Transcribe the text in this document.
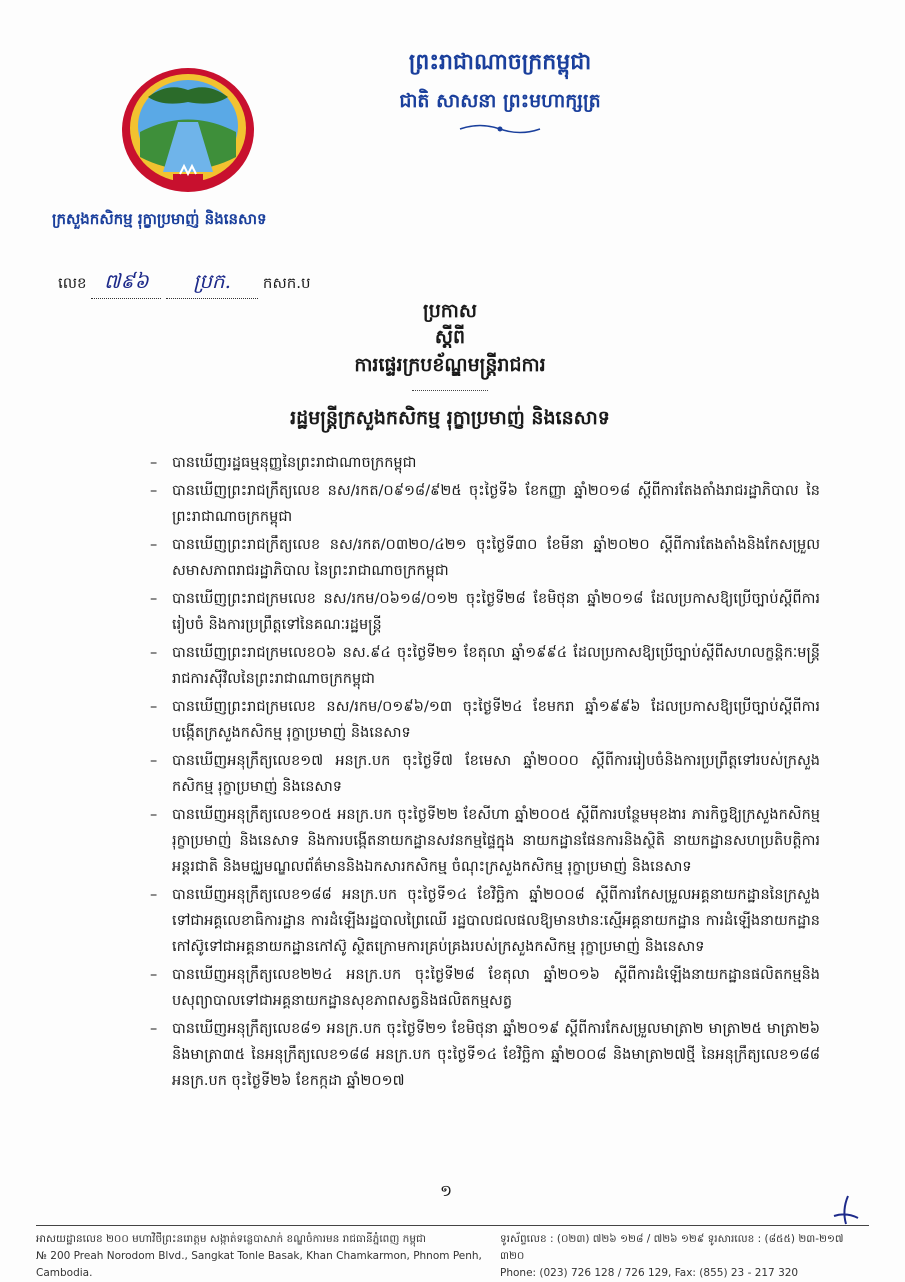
ព្រះរាជាណាចក្រកម្ពុជា
ជាតិ សាសនា ព្រះមហាក្សត្រ
ក្រសួងកសិកម្ម រុក្ខាប្រមាញ់ និងនេសាទ
លេខ ៧៩៦ ប្រក. កសក.ប
ប្រកាស
ស្តីពី
ការផ្ទេរក្របខ័ណ្ឌមន្ត្រីរាជការ
រដ្ឋមន្ត្រីក្រសួងកសិកម្ម រុក្ខាប្រមាញ់ និងនេសាទ
– បានឃើញរដ្ឋធម្មនុញ្ញនៃព្រះរាជាណាចក្រកម្ពុជា
– បានឃើញព្រះរាជក្រឹត្យលេខ នស/រកត/០៩១៨/៩២៥ ចុះថ្ងៃទី៦ ខែកញ្ញា ឆ្នាំ២០១៨ ស្តីពីការតែងតាំងរាជរដ្ឋាភិបាល នៃព្រះរាជាណាចក្រកម្ពុជា
– បានឃើញព្រះរាជក្រឹត្យលេខ នស/រកត/០៣២០/៤២១ ចុះថ្ងៃទី៣០ ខែមីនា ឆ្នាំ២០២០ ស្តីពីការតែងតាំងនិងកែសម្រួលសមាសភាពរាជរដ្ឋាភិបាល នៃព្រះរាជាណាចក្រកម្ពុជា
– បានឃើញព្រះរាជក្រមលេខ នស/រកម/០៦១៨/០១២ ចុះថ្ងៃទី២៨ ខែមិថុនា ឆ្នាំ២០១៨ ដែលប្រកាសឱ្យប្រើច្បាប់ស្តីពីការរៀបចំ និងការប្រព្រឹត្តទៅនៃគណៈរដ្ឋមន្ត្រី
– បានឃើញព្រះរាជក្រមលេខ០៦ នស.៩៤ ចុះថ្ងៃទី២១ ខែតុលា ឆ្នាំ១៩៩៤ ដែលប្រកាសឱ្យប្រើច្បាប់ស្តីពីសហលក្ខន្តិកៈមន្ត្រីរាជការស៊ីវិលនៃព្រះរាជាណាចក្រកម្ពុជា
– បានឃើញព្រះរាជក្រមលេខ នស/រកម/០១៩៦/១៣ ចុះថ្ងៃទី២៤ ខែមករា ឆ្នាំ១៩៩៦ ដែលប្រកាសឱ្យប្រើច្បាប់ស្តីពីការបង្កើតក្រសួងកសិកម្ម រុក្ខាប្រមាញ់ និងនេសាទ
– បានឃើញអនុក្រឹត្យលេខ១៧ អនក្រ.បក ចុះថ្ងៃទី៧ ខែមេសា ឆ្នាំ២០០០ ស្តីពីការរៀបចំនិងការប្រព្រឹត្តទៅរបស់ក្រសួងកសិកម្ម រុក្ខាប្រមាញ់ និងនេសាទ
– បានឃើញអនុក្រឹត្យលេខ១០៥ អនក្រ.បក ចុះថ្ងៃទី២២ ខែសីហា ឆ្នាំ២០០៥ ស្តីពីការបន្ថែមមុខងារ ភារកិច្ចឱ្យក្រសួងកសិកម្ម រុក្ខាប្រមាញ់ និងនេសាទ និងការបង្កើតនាយកដ្ឋានសវនកម្មផ្ទៃក្នុង នាយកដ្ឋានផែនការនិងស្ថិតិ នាយកដ្ឋានសហប្រតិបត្តិការអន្តរជាតិ និងមជ្ឈមណ្ឌលព័ត៌មាននិងឯកសារកសិកម្ម ចំណុះក្រសួងកសិកម្ម រុក្ខាប្រមាញ់ និងនេសាទ
– បានឃើញអនុក្រឹត្យលេខ១៨៨ អនក្រ.បក ចុះថ្ងៃទី១៤ ខែវិច្ឆិកា ឆ្នាំ២០០៨ ស្តីពីការកែសម្រួលអគ្គនាយកដ្ឋាននៃក្រសួងទៅជាអគ្គលេខាធិការដ្ឋាន ការដំឡើងរដ្ឋបាលព្រៃឈើ រដ្ឋបាលជលផលឱ្យមានឋានៈស្មើអគ្គនាយកដ្ឋាន ការដំឡើងនាយកដ្ឋានកៅស៊ូទៅជាអគ្គនាយកដ្ឋានកៅស៊ូ ស្ថិតក្រោមការគ្រប់គ្រងរបស់ក្រសួងកសិកម្ម រុក្ខាប្រមាញ់ និងនេសាទ
– បានឃើញអនុក្រឹត្យលេខ២២៤ អនក្រ.បក ចុះថ្ងៃទី២៨ ខែតុលា ឆ្នាំ២០១៦ ស្តីពីការដំឡើងនាយកដ្ឋានផលិតកម្មនិងបសុព្យាបាលទៅជាអគ្គនាយកដ្ឋានសុខភាពសត្វនិងផលិតកម្មសត្វ
– បានឃើញអនុក្រឹត្យលេខ៨១ អនក្រ.បក ចុះថ្ងៃទី២១ ខែមិថុនា ឆ្នាំ២០១៩ ស្តីពីការកែសម្រួលមាត្រា២ មាត្រា២៥ មាត្រា២៦ និងមាត្រា៣៥ នៃអនុក្រឹត្យលេខ១៨៨ អនក្រ.បក ចុះថ្ងៃទី១៤ ខែវិច្ឆិកា ឆ្នាំ២០០៨ និងមាត្រា២៧ថ្មី នៃអនុក្រឹត្យលេខ១៨៨ អនក្រ.បក ចុះថ្ងៃទី២៦ ខែកក្កដា ឆ្នាំ២០១៧
១
អាសយដ្ឋានលេខ ២០០ មហាវិថីព្រះនរោត្តម សង្កាត់ទន្លេបាសាក់ ខណ្ឌចំការមន រាជធានីភ្នំពេញ កម្ពុជា
№ 200 Preah Norodom Blvd., Sangkat Tonle Basak, Khan Chamkarmon, Phnom Penh, Cambodia.
ទូរស័ព្ទលេខ : (០២៣) ៧២៦ ១២៨ / ៧២៦ ១២៩ ទូរសារលេខ : (៨៥៥) ២៣-២១៧ ៣២០
Phone: (023) 726 128 / 726 129, Fax: (855) 23 - 217 320
